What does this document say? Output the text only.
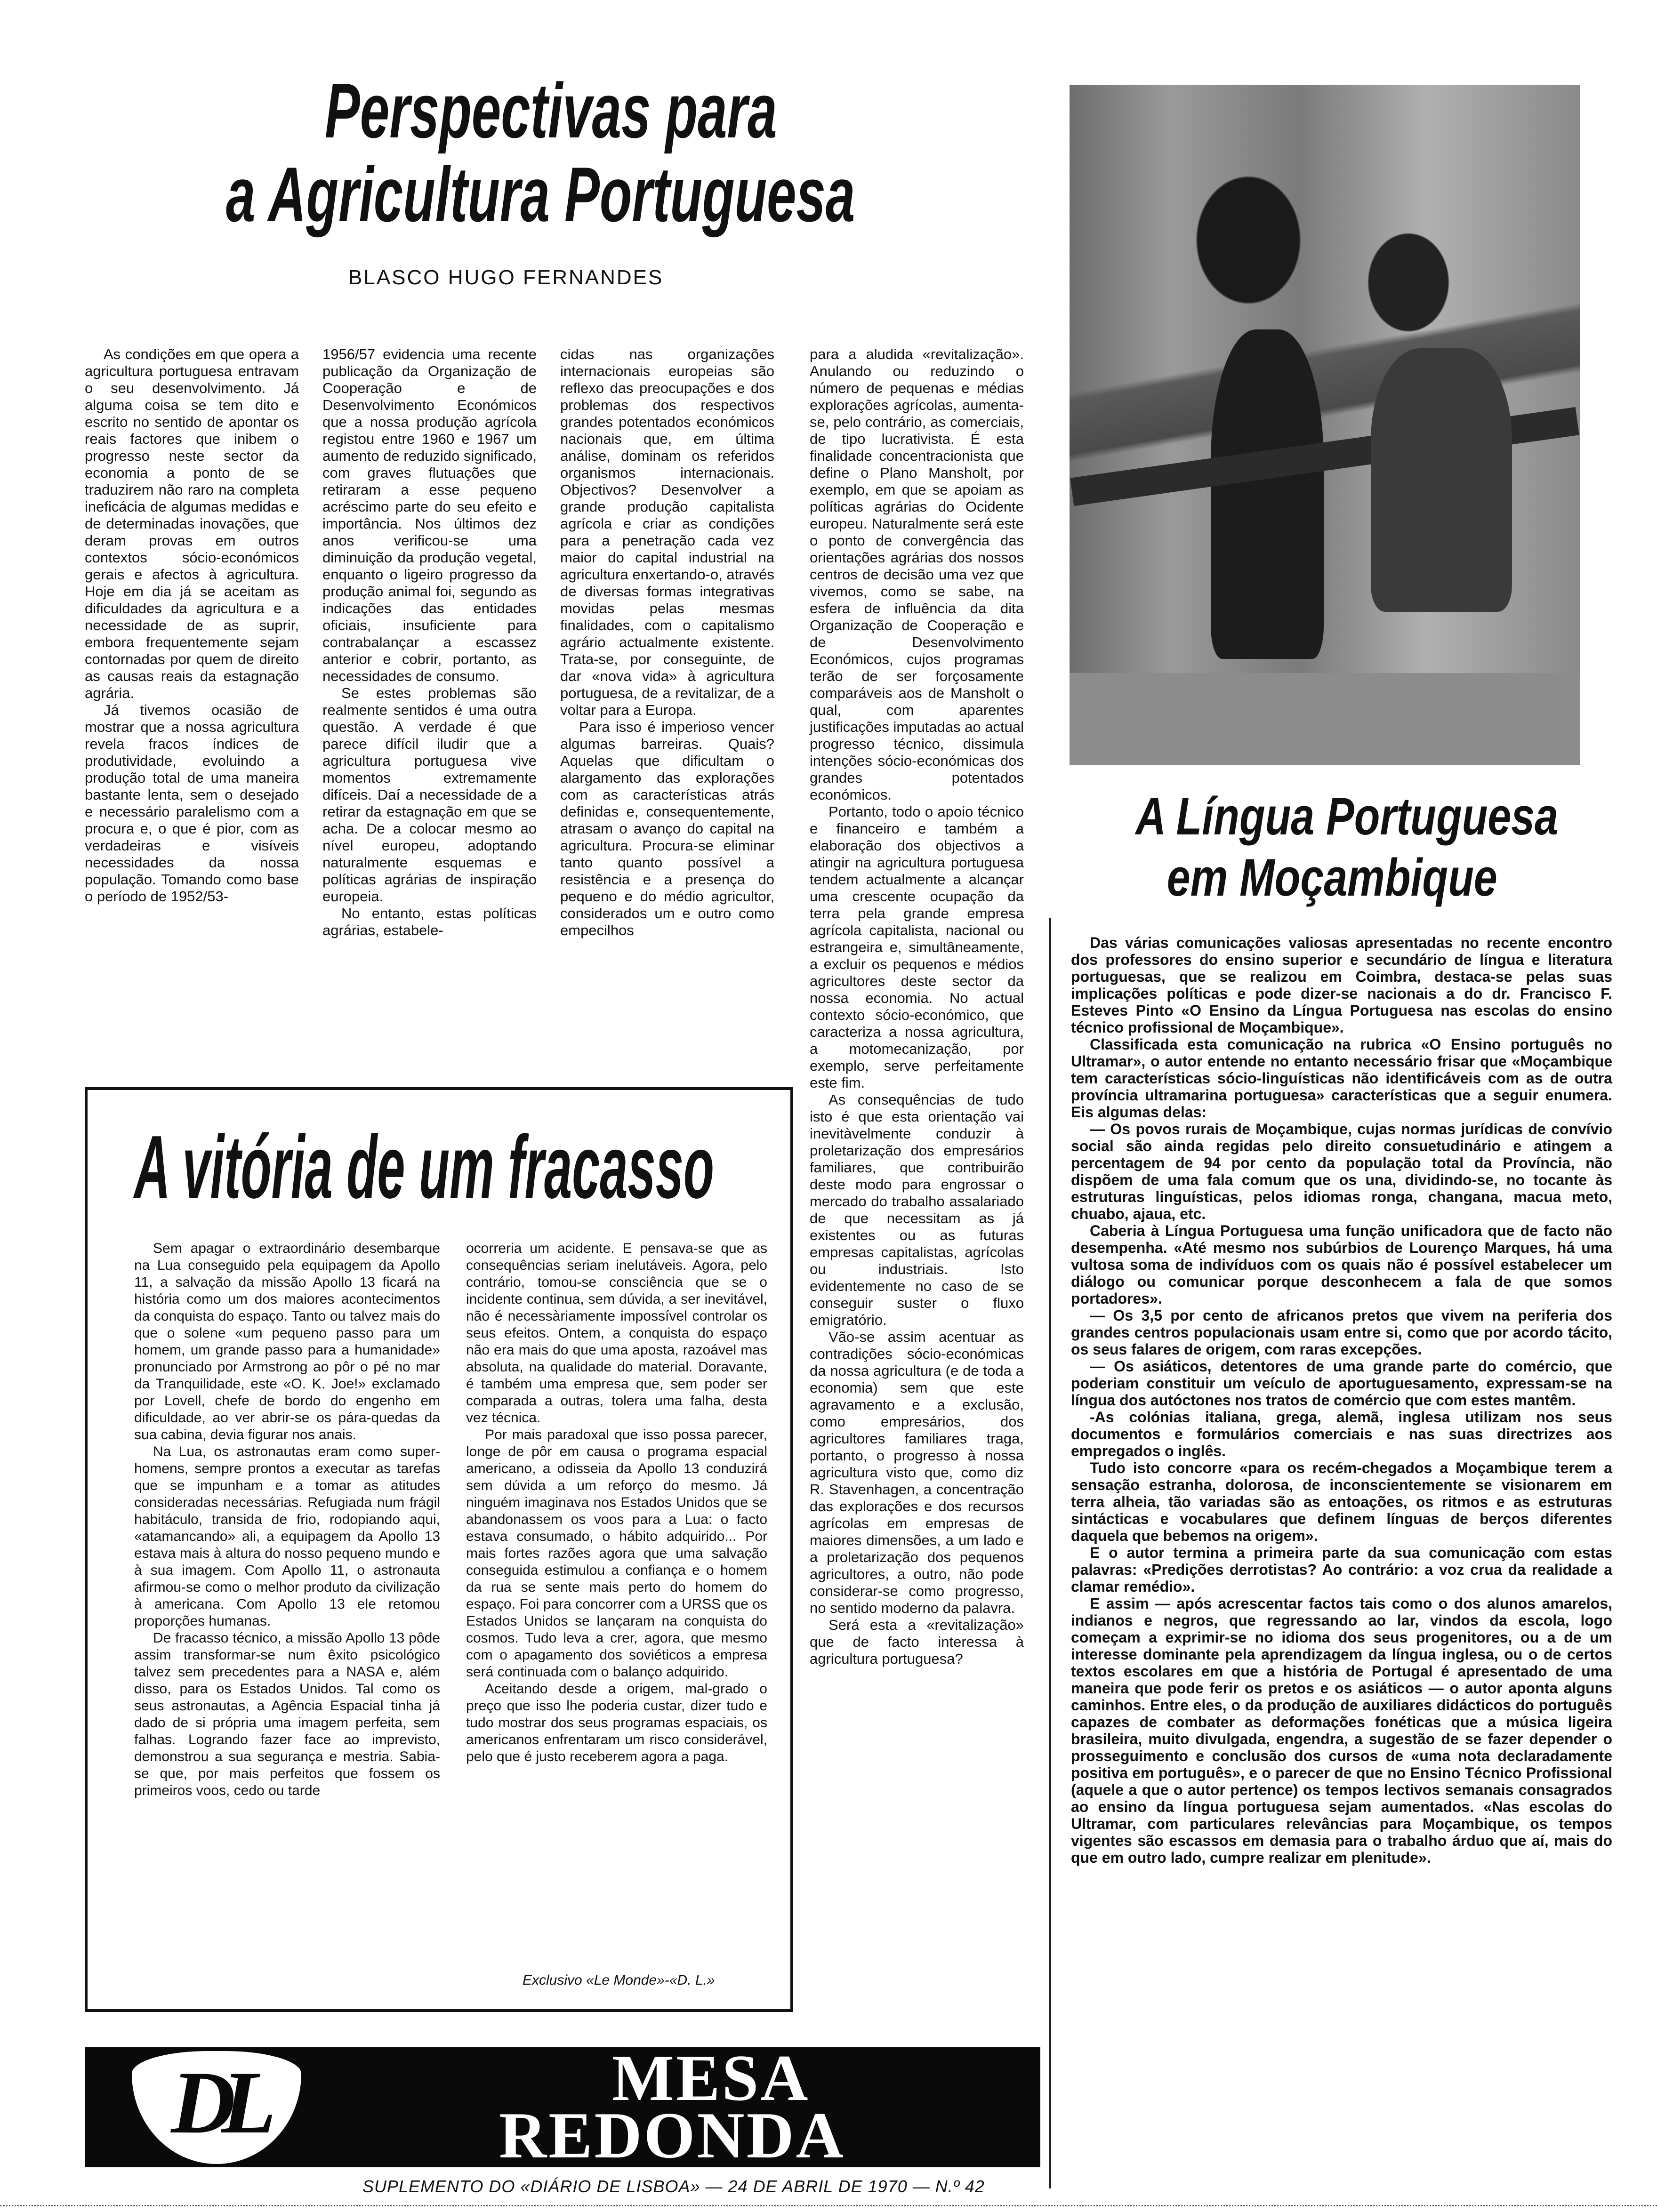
Perspectivas para
a Agricultura Portuguesa
BLASCO HUGO FERNANDES

As condições em que opera a agricultura portuguesa entravam o seu desenvolvimento. Já alguma coisa se tem dito e escrito no sentido de apontar os reais factores que inibem o progresso neste sector da economia a ponto de se traduzirem não raro na completa ineficácia de algumas medidas e de determinadas inovações, que deram provas em outros contextos sócio-económicos gerais e afectos à agricultura. Hoje em dia já se aceitam as dificuldades da agricultura e a necessidade de as suprir, embora frequentemente sejam contornadas por quem de direito as causas reais da estagnação agrária.

Já tivemos ocasião de mostrar que a nossa agricultura revela fracos índices de produtividade, evoluindo a produção total de uma maneira bastante lenta, sem o desejado e necessário paralelismo com a procura e, o que é pior, com as verdadeiras e visíveis necessidades da nossa população. Tomando como base o período de 1952/53-

1956/57 evidencia uma recente publicação da Organização de Cooperação e de Desenvolvimento Económicos que a nossa produção agrícola registou entre 1960 e 1967 um aumento de reduzido significado, com graves flutuações que retiraram a esse pequeno acréscimo parte do seu efeito e importância. Nos últimos dez anos verificou-se uma diminuição da produção vegetal, enquanto o ligeiro progresso da produção animal foi, segundo as indicações das entidades oficiais, insuficiente para contrabalançar a escassez anterior e cobrir, portanto, as necessidades de consumo.

Se estes problemas são realmente sentidos é uma outra questão. A verdade é que parece difícil iludir que a agricultura portuguesa vive momentos extremamente difíceis. Daí a necessidade de a retirar da estagnação em que se acha. De a colocar mesmo ao nível europeu, adoptando naturalmente esquemas e políticas agrárias de inspiração europeia.

No entanto, estas políticas agrárias, estabele-

cidas nas organizações internacionais europeias são reflexo das preocupações e dos problemas dos respectivos grandes potentados económicos nacionais que, em última análise, dominam os referidos organismos internacionais. Objectivos? Desenvolver a grande produção capitalista agrícola e criar as condições para a penetração cada vez maior do capital industrial na agricultura enxertando-o, através de diversas formas integrativas movidas pelas mesmas finalidades, com o capitalismo agrário actualmente existente. Trata-se, por conseguinte, de dar «nova vida» à agricultura portuguesa, de a revitalizar, de a voltar para a Europa.

Para isso é imperioso vencer algumas barreiras. Quais? Aquelas que dificultam o alargamento das explorações com as características atrás definidas e, consequentemente, atrasam o avanço do capital na agricultura. Procura-se eliminar tanto quanto possível a resistência e a presença do pequeno e do médio agricultor, considerados um e outro como empecilhos

para a aludida «revitalização». Anulando ou reduzindo o número de pequenas e médias explorações agrícolas, aumenta-se, pelo contrário, as comerciais, de tipo lucrativista. É esta finalidade concentracionista que define o Plano Mansholt, por exemplo, em que se apoiam as políticas agrárias do Ocidente europeu. Naturalmente será este o ponto de convergência das orientações agrárias dos nossos centros de decisão uma vez que vivemos, como se sabe, na esfera de influência da dita Organização de Cooperação e de Desenvolvimento Económicos, cujos programas terão de ser forçosamente comparáveis aos de Mansholt o qual, com aparentes justificações imputadas ao actual progresso técnico, dissimula intenções sócio-económicas dos grandes potentados económicos.

Portanto, todo o apoio técnico e financeiro e também a elaboração dos objectivos a atingir na agricultura portuguesa tendem actualmente a alcançar uma crescente ocupação da terra pela grande empresa agrícola capitalista, nacional ou estrangeira e, simultâneamente, a excluir os pequenos e médios agricultores deste sector da nossa economia. No actual contexto sócio-económico, que caracteriza a nossa agricultura, a motomecanização, por exemplo, serve perfeitamente este fim.

As consequências de tudo isto é que esta orientação vai inevitàvelmente conduzir à proletarização dos empresários familiares, que contribuirão deste modo para engrossar o mercado do trabalho assalariado de que necessitam as já existentes ou as futuras empresas capitalistas, agrícolas ou industriais. Isto evidentemente no caso de se conseguir suster o fluxo emigratório.

Vão-se assim acentuar as contradições sócio-económicas da nossa agricultura (e de toda a economia) sem que este agravamento e a exclusão, como empresários, dos agricultores familiares traga, portanto, o progresso à nossa agricultura visto que, como diz R. Stavenhagen, a concentração das explorações e dos recursos agrícolas em empresas de maiores dimensões, a um lado e a proletarização dos pequenos agricultores, a outro, não pode considerar-se como progresso, no sentido moderno da palavra.

Será esta a «revitalização» que de facto interessa à agricultura portuguesa?

A vitória de um fracasso

Sem apagar o extraordinário desembarque na Lua conseguido pela equipagem da Apollo 11, a salvação da missão Apollo 13 ficará na história como um dos maiores acontecimentos da conquista do espaço. Tanto ou talvez mais do que o solene «um pequeno passo para um homem, um grande passo para a humanidade» pronunciado por Armstrong ao pôr o pé no mar da Tranquilidade, este «O. K. Joe!» exclamado por Lovell, chefe de bordo do engenho em dificuldade, ao ver abrir-se os pára-quedas da sua cabina, devia figurar nos anais.

Na Lua, os astronautas eram como super-homens, sempre prontos a executar as tarefas que se impunham e a tomar as atitudes consideradas necessárias. Refugiada num frágil habitáculo, transida de frio, rodopiando aqui, «atamancando» ali, a equipagem da Apollo 13 estava mais à altura do nosso pequeno mundo e à sua imagem. Com Apollo 11, o astronauta afirmou-se como o melhor produto da civilização à americana. Com Apollo 13 ele retomou proporções humanas.

De fracasso técnico, a missão Apollo 13 pôde assim transformar-se num êxito psicológico talvez sem precedentes para a NASA e, além disso, para os Estados Unidos. Tal como os seus astronautas, a Agência Espacial tinha já dado de si própria uma imagem perfeita, sem falhas. Logrando fazer face ao imprevisto, demonstrou a sua segurança e mestria. Sabia-se que, por mais perfeitos que fossem os primeiros voos, cedo ou tarde

ocorreria um acidente. E pensava-se que as consequências seriam inelutáveis. Agora, pelo contrário, tomou-se consciência que se o incidente continua, sem dúvida, a ser inevitável, não é necessàriamente impossível controlar os seus efeitos. Ontem, a conquista do espaço não era mais do que uma aposta, razoável mas absoluta, na qualidade do material. Doravante, é também uma empresa que, sem poder ser comparada a outras, tolera uma falha, desta vez técnica.

Por mais paradoxal que isso possa parecer, longe de pôr em causa o programa espacial americano, a odisseia da Apollo 13 conduzirá sem dúvida a um reforço do mesmo. Já ninguém imaginava nos Estados Unidos que se abandonassem os voos para a Lua: o facto estava consumado, o hábito adquirido... Por mais fortes razões agora que uma salvação conseguida estimulou a confiança e o homem da rua se sente mais perto do homem do espaço. Foi para concorrer com a URSS que os Estados Unidos se lançaram na conquista do cosmos. Tudo leva a crer, agora, que mesmo com o apagamento dos soviéticos a empresa será continuada com o balanço adquirido.

Aceitando desde a origem, mal-grado o preço que isso lhe poderia custar, dizer tudo e tudo mostrar dos seus programas espaciais, os americanos enfrentaram um risco considerável, pelo que é justo receberem agora a paga.

Exclusivo «Le Monde»-«D. L.»
A Língua Portuguesa
em Moçambique

Das várias comunicações valiosas apresentadas no recente encontro dos professores do ensino superior e secundário de língua e literatura portuguesas, que se realizou em Coimbra, destaca-se pelas suas implicações políticas e pode dizer-se nacionais a do dr. Francisco F. Esteves Pinto «O Ensino da Língua Portuguesa nas escolas do ensino técnico profissional de Moçambique».

Classificada esta comunicação na rubrica «O Ensino português no Ultramar», o autor entende no entanto necessário frisar que «Moçambique tem características sócio-linguísticas não identificáveis com as de outra província ultramarina portuguesa» características que a seguir enumera. Eis algumas delas:

— Os povos rurais de Moçambique, cujas normas jurídicas de convívio social são ainda regidas pelo direito consuetudinário e atingem a percentagem de 94 por cento da população total da Província, não dispõem de uma fala comum que os una, dividindo-se, no tocante às estruturas linguísticas, pelos idiomas ronga, changana, macua meto, chuabo, ajaua, etc.

Caberia à Língua Portuguesa uma função unificadora que de facto não desempenha. «Até mesmo nos subúrbios de Lourenço Marques, há uma vultosa soma de indivíduos com os quais não é possível estabelecer um diálogo ou comunicar porque desconhecem a fala de que somos portadores».

— Os 3,5 por cento de africanos pretos que vivem na periferia dos grandes centros populacionais usam entre si, como que por acordo tácito, os seus falares de origem, com raras excepções.

— Os asiáticos, detentores de uma grande parte do comércio, que poderiam constituir um veículo de aportuguesamento, expressam-se na língua dos autóctones nos tratos de comércio que com estes mantêm.

-As colónias italiana, grega, alemã, inglesa utilizam nos seus documentos e formulários comerciais e nas suas directrizes aos empregados o inglês.

Tudo isto concorre «para os recém-chegados a Moçambique terem a sensação estranha, dolorosa, de inconscientemente se visionarem em terra alheia, tão variadas são as entoações, os ritmos e as estruturas sintácticas e vocabulares que definem línguas de berços diferentes daquela que bebemos na origem».

E o autor termina a primeira parte da sua comunicação com estas palavras: «Predições derrotistas? Ao contrário: a voz crua da realidade a clamar remédio».

E assim — após acrescentar factos tais como o dos alunos amarelos, indianos e negros, que regressando ao lar, vindos da escola, logo começam a exprimir-se no idioma dos seus progenitores, ou a de um interesse dominante pela aprendizagem da língua inglesa, ou o de certos textos escolares em que a história de Portugal é apresentado de uma maneira que pode ferir os pretos e os asiáticos — o autor aponta alguns caminhos. Entre eles, o da produção de auxiliares didácticos do português capazes de combater as deformações fonéticas que a música ligeira brasileira, muito divulgada, engendra, a sugestão de se fazer depender o prosseguimento e conclusão dos cursos de «uma nota declaradamente positiva em português», e o parecer de que no Ensino Técnico Profissional (aquele a que o autor pertence) os tempos lectivos semanais consagrados ao ensino da língua portuguesa sejam aumentados. «Nas escolas do Ultramar, com particulares relevâncias para Moçambique, os tempos vigentes são escassos em demasia para o trabalho árduo que aí, mais do que em outro lado, cumpre realizar em plenitude».

DL	MESA
REDONDA
SUPLEMENTO DO «DIÁRIO DE LISBOA» — 24 DE ABRIL DE 1970 — N.º 42
